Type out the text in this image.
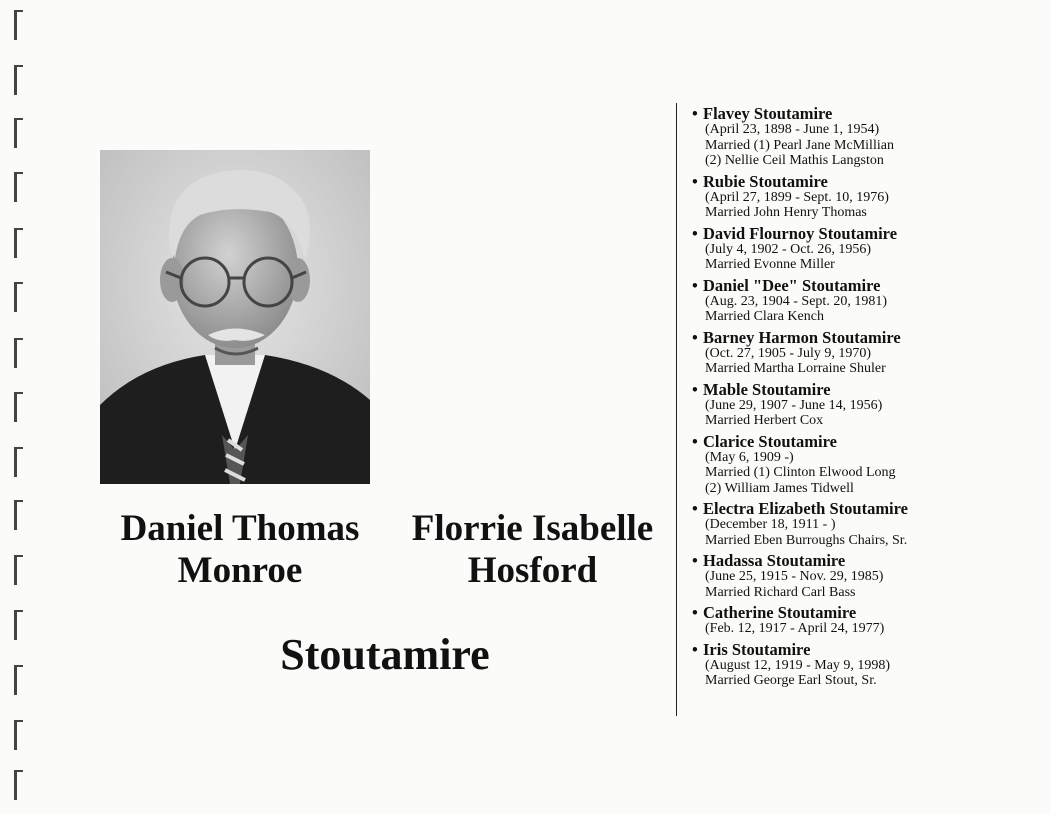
Daniel Thomas
Monroe
Florrie Isabelle
Hosford
Stoutamire
• Flavey Stoutamire
(April 23, 1898 - June 1, 1954)
Married (1) Pearl Jane McMillian
(2) Nellie Ceil Mathis Langston
• Rubie Stoutamire
(April 27, 1899 - Sept. 10, 1976)
Married John Henry Thomas
• David Flournoy Stoutamire
(July 4, 1902 - Oct. 26, 1956)
Married Evonne Miller
• Daniel "Dee" Stoutamire
(Aug. 23, 1904 - Sept. 20, 1981)
Married Clara Kench
• Barney Harmon Stoutamire
(Oct. 27, 1905 - July 9, 1970)
Married Martha Lorraine Shuler
• Mable Stoutamire
(June 29, 1907 - June 14, 1956)
Married Herbert Cox
• Clarice Stoutamire
(May 6, 1909 -)
Married (1) Clinton Elwood Long
(2) William James Tidwell
• Electra Elizabeth Stoutamire
(December 18, 1911 - )
Married Eben Burroughs Chairs, Sr.
• Hadassa Stoutamire
(June 25, 1915 - Nov. 29, 1985)
Married Richard Carl Bass
• Catherine Stoutamire
(Feb. 12, 1917 - April 24, 1977)
• Iris Stoutamire
(August 12, 1919 - May 9, 1998)
Married George Earl Stout, Sr.
